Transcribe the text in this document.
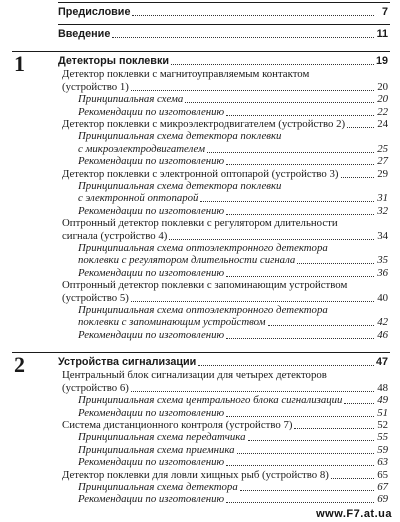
Предисловие	7
Введение	11
1	Детекторы поклевки	19
Детектор поклевки с магнитоуправляемым контактом
(устройство 1)	20
Принципиальная схема	20
Рекомендации по изготовлению	22
Детектор поклевки с микроэлектродвигателем (устройство 2)	24
Принципиальная схема детектора поклевки
с микроэлектродвигателем	25
Рекомендации по изготовлению	27
Детектор поклевки с электронной оптопарой (устройство 3)	29
Принципиальная схема детектора поклевки
с электронной оптопарой	31
Рекомендации по изготовлению	32
Оптронный детектор поклевки с регулятором длительности
сигнала (устройство 4)	34
Принципиальная схема оптоэлектронного детектора
поклевки с регулятором длительности сигнала	35
Рекомендации по изготовлению	36
Оптронный детектор поклевки с запоминающим устройством
(устройство 5)	40
Принципиальная схема оптоэлектронного детектора
поклевки с запоминающим устройством	42
Рекомендации по изготовлению	46
2	Устройства сигнализации	47
Центральный блок сигнализации для четырех детекторов
(устройство 6)	48
Принципиальная схема центрального блока сигнализации	49
Рекомендации по изготовлению	51
Система дистанционного контроля (устройство 7)	52
Принципиальная схема передатчика	55
Принципиальная схема приемника	59
Рекомендации по изготовлению	63
Детектор поклевки для ловли хищных рыб (устройство 8)	65
Принципиальная схема детектора	67
Рекомендации по изготовлению	69
www.F7.at.ua
